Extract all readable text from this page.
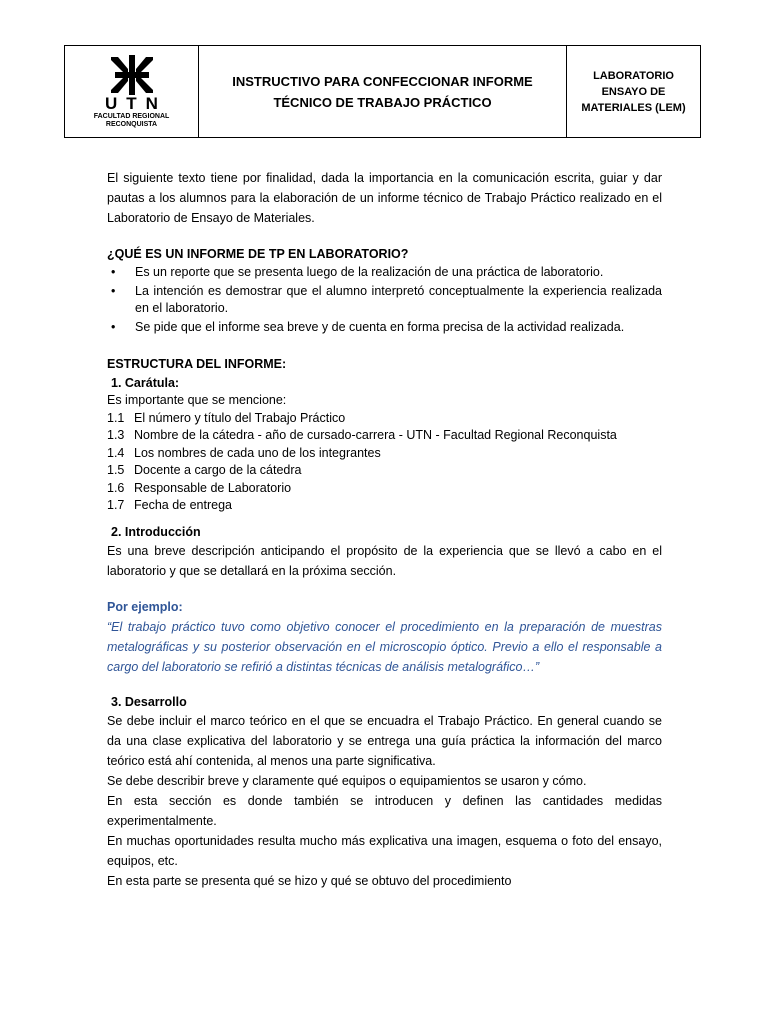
UTN
FACULTAD REGIONAL
RECONQUISTA
INSTRUCTIVO PARA CONFECCIONAR INFORME TÉCNICO DE TRABAJO PRÁCTICO
LABORATORIO ENSAYO DE MATERIALES (LEM)
El siguiente texto tiene por finalidad, dada la importancia en la comunicación escrita, guiar y dar pautas a los alumnos para la elaboración de un informe técnico de Trabajo Práctico realizado en el Laboratorio de Ensayo de Materiales.
¿QUÉ ES UN INFORME DE TP EN LABORATORIO?
• Es un reporte que se presenta luego de la realización de una práctica de laboratorio.
• La intención es demostrar que el alumno interpretó conceptualmente la experiencia realizada en el laboratorio.
• Se pide que el informe sea breve y de cuenta en forma precisa de la actividad realizada.
ESTRUCTURA DEL INFORME:
1. Carátula:
Es importante que se mencione:
1.1 El número y título del Trabajo Práctico
1.3 Nombre de la cátedra - año de cursado-carrera - UTN - Facultad Regional Reconquista
1.4 Los nombres de cada uno de los integrantes
1.5 Docente a cargo de la cátedra
1.6 Responsable de Laboratorio
1.7 Fecha de entrega
2. Introducción
Es una breve descripción anticipando el propósito de la experiencia que se llevó a cabo en el laboratorio y que se detallará en la próxima sección.
Por ejemplo:
“El trabajo práctico tuvo como objetivo conocer el procedimiento en la preparación de muestras metalográficas y su posterior observación en el microscopio óptico. Previo a ello el responsable a cargo del laboratorio se refirió a distintas técnicas de análisis metalográfico…”
3. Desarrollo

Se debe incluir el marco teórico en el que se encuadra el Trabajo Práctico. En general cuando se da una clase explicativa del laboratorio y se entrega una guía práctica la información del marco teórico está ahí contenida, al menos una parte significativa.

Se debe describir breve y claramente qué equipos o equipamientos se usaron y cómo.

En esta sección es donde también se introducen y definen las cantidades medidas experimentalmente.

En muchas oportunidades resulta mucho más explicativa una imagen, esquema o foto del ensayo, equipos, etc.

En esta parte se presenta qué se hizo y qué se obtuvo del procedimiento
